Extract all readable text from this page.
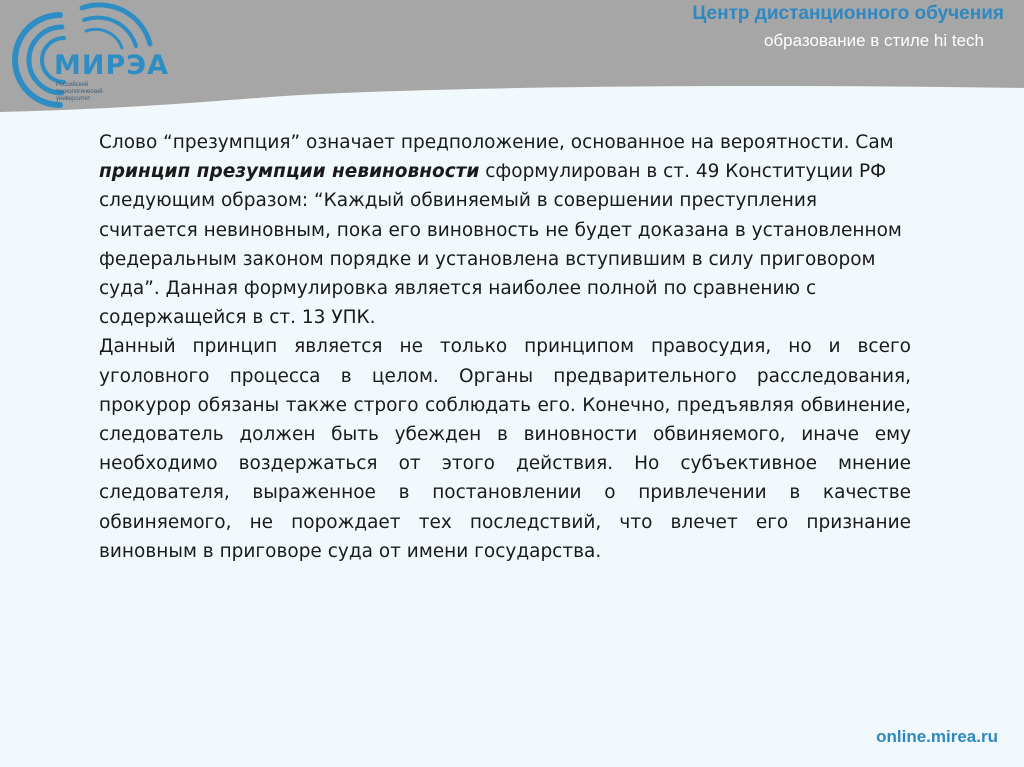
МИРЭА
Российский технологический университет
Центр дистанционного обучения
образование в стиле hi tech

Слово “презумпция” означает предположение, основанное на вероятности. Сам принцип презумпции невиновности сформулирован в ст. 49 Конституции РФ следующим образом: “Каждый обвиняемый в совершении преступления считается невиновным, пока его виновность не будет доказана в установленном федеральным законом порядке и установлена вступившим в силу приговором суда”. Данная формулировка является наиболее полной по сравнению с содержащейся в ст. 13 УПК.

Данный принцип является не только принципом правосудия, но и всего уголовного процесса в целом. Органы предварительного расследования, прокурор обязаны также строго соблюдать его. Конечно, предъявляя обвинение, следователь должен быть убежден в виновности обвиняемого, иначе ему необходимо воздержаться от этого действия. Но субъективное мнение следователя, выраженное в постановлении о привлечении в качестве обвиняемого, не порождает тех последствий, что влечет его признание виновным в приговоре суда от имени государства.

online.mirea.ru
